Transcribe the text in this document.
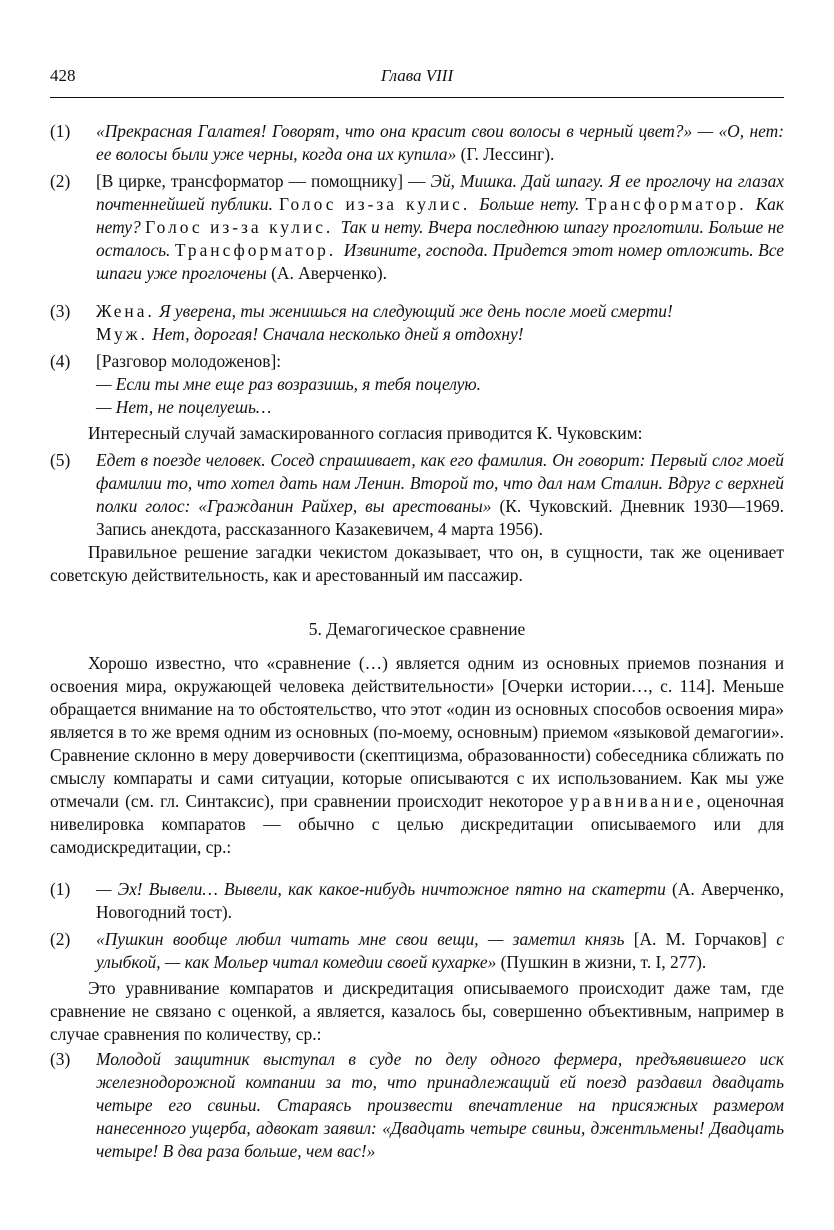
428	Глава VIII
(1)	«Прекрасная Галатея! Говорят, что она красит свои волосы в черный цвет?» — «О, нет: ее волосы были уже черны, когда она их купила» (Г. Лессинг).
(2)	[В цирке, трансформатор — помощнику] — Эй, Мишка. Дай шпагу. Я ее проглочу на глазах почтеннейшей публики. Голос из-за кулис. Больше нету. Трансформатор. Как нету? Голос из-за кулис. Так и нету. Вчера последнюю шпагу проглотили. Больше не осталось. Трансформатор. Извините, господа. Придется этот номер отложить. Все шпаги уже проглочены (А. Аверченко).
(3)	Жена. Я уверена, ты женишься на следующий же день после моей смерти!
Муж. Нет, дорогая! Сначала несколько дней я отдохну!
(4)	[Разговор молодоженов]:
— Если ты мне еще раз возразишь, я тебя поцелую.
— Нет, не поцелуешь…

Интересный случай замаскированного согласия приводится К. Чуковским:

(5)	Едет в поезде человек. Сосед спрашивает, как его фамилия. Он говорит: Первый слог моей фамилии то, что хотел дать нам Ленин. Второй то, что дал нам Сталин. Вдруг с верхней полки голос: «Гражданин Райхер, вы арестованы» (К. Чуковский. Дневник 1930—1969. Запись анекдота, рассказанного Казакевичем, 4 марта 1956).

Правильное решение загадки чекистом доказывает, что он, в сущности, так же оценивает советскую действительность, как и арестованный им пассажир.

5. Демагогическое сравнение

Хорошо известно, что «сравнение (…) является одним из основных приемов познания и освоения мира, окружающей человека действительности» [Очерки истории…, с. 114]. Меньше обращается внимание на то обстоятельство, что этот «один из основных способов освоения мира» является в то же время одним из основных (по-моему, основным) приемом «языковой демагогии». Сравнение склонно в меру доверчивости (скептицизма, образованности) собеседника сближать по смыслу компараты и сами ситуации, которые описываются с их использованием. Как мы уже отмечали (см. гл. Синтаксис), при сравнении происходит некоторое уравнивание, оценочная нивелировка компаратов — обычно с целью дискредитации описываемого или для самодискредитации, ср.:

(1)	— Эх! Вывели… Вывели, как какое-нибудь ничтожное пятно на скатерти (А. Аверченко, Новогодний тост).
(2)	«Пушкин вообще любил читать мне свои вещи, — заметил князь [А. М. Горчаков] с улыбкой, — как Мольер читал комедии своей кухарке» (Пушкин в жизни, т. I, 277).

Это уравнивание компаратов и дискредитация описываемого происходит даже там, где сравнение не связано с оценкой, а является, казалось бы, совершенно объективным, например в случае сравнения по количеству, ср.:

(3)	Молодой защитник выступал в суде по делу одного фермера, предъявившего иск железнодорожной компании за то, что принадлежащий ей поезд раздавил двадцать четыре его свиньи. Стараясь произвести впечатление на присяжных размером нанесенного ущерба, адвокат заявил: «Двадцать четыре свиньи, джентльмены! Двадцать четыре! В два раза больше, чем вас!»
